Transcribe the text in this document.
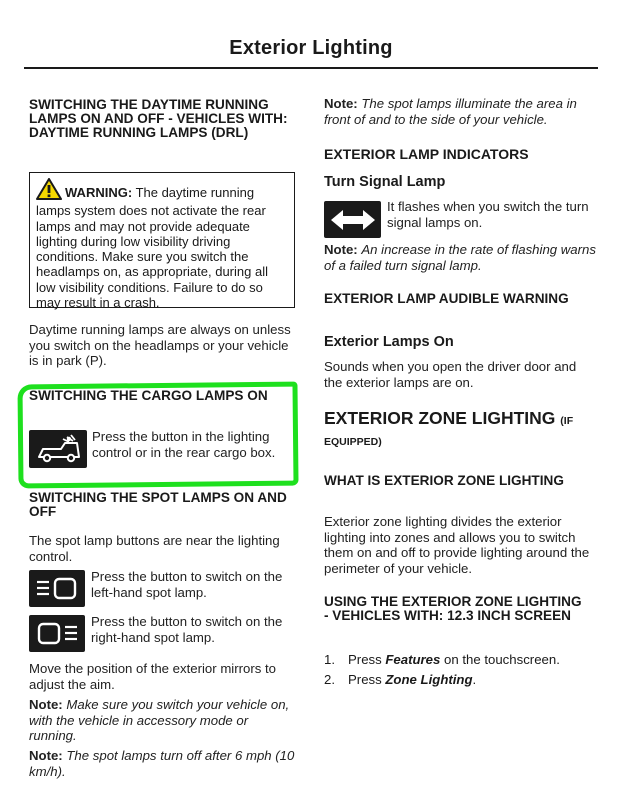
Exterior Lighting
SWITCHING THE DAYTIME RUNNING LAMPS ON AND OFF - VEHICLES WITH: DAYTIME RUNNING LAMPS (DRL)
WARNING: The daytime running lamps system does not activate the rear lamps and may not provide adequate lighting during low visibility driving conditions. Make sure you switch the headlamps on, as appropriate, during all low visibility conditions. Failure to do so may result in a crash.

Daytime running lamps are always on unless you switch on the headlamps or your vehicle is in park (P).

SWITCHING THE CARGO LAMPS ON

Press the button in the lighting control or in the rear cargo box.

SWITCHING THE SPOT LAMPS ON AND OFF

The spot lamp buttons are near the lighting control.

Press the button to switch on the left-hand spot lamp.

Press the button to switch on the right-hand spot lamp.

Move the position of the exterior mirrors to adjust the aim.

Note: Make sure you switch your vehicle on, with the vehicle in accessory mode or running.

Note: The spot lamps turn off after 6 mph (10 km/h).

Note: The spot lamps illuminate the area in front of and to the side of your vehicle.

EXTERIOR LAMP INDICATORS
Turn Signal Lamp

It flashes when you switch the turn signal lamps on.

Note: An increase in the rate of flashing warns of a failed turn signal lamp.

EXTERIOR LAMP AUDIBLE WARNING
Exterior Lamps On

Sounds when you open the driver door and the exterior lamps are on.

EXTERIOR ZONE LIGHTING (IF EQUIPPED)
WHAT IS EXTERIOR ZONE LIGHTING

Exterior zone lighting divides the exterior lighting into zones and allows you to switch them on and off to provide lighting around the perimeter of your vehicle.

USING THE EXTERIOR ZONE LIGHTING - VEHICLES WITH: 12.3 INCH SCREEN
1. Press Features on the touchscreen.
2. Press Zone Lighting.
